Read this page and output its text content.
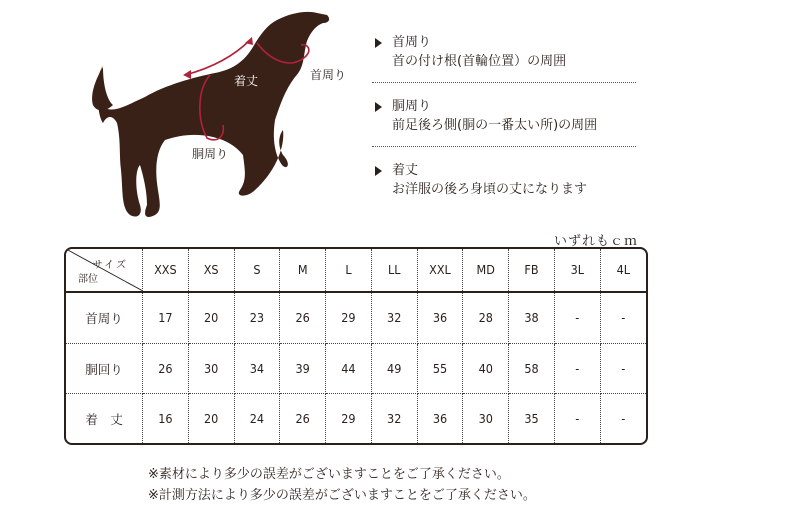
着丈	首周り
胴周り
首周り
首の付け根(首輪位置）の周囲
胴周り
前足後ろ側(胴の一番太い所)の周囲
着丈
お洋服の後ろ身頃の丈になります
いずれもｃｍ
サイズ
部位	XXS	XS	S	M	L	LL	XXL	MD	FB	3L	4L
首周り	17	20	23	26	29	32	36	28	38	-	-
胴回り	26	30	34	39	44	49	55	40	58	-	-
着　丈	16	20	24	26	29	32	36	30	35	-	-
※素材により多少の誤差がございますことをご了承ください。
※計測方法により多少の誤差がございますことをご了承ください。
